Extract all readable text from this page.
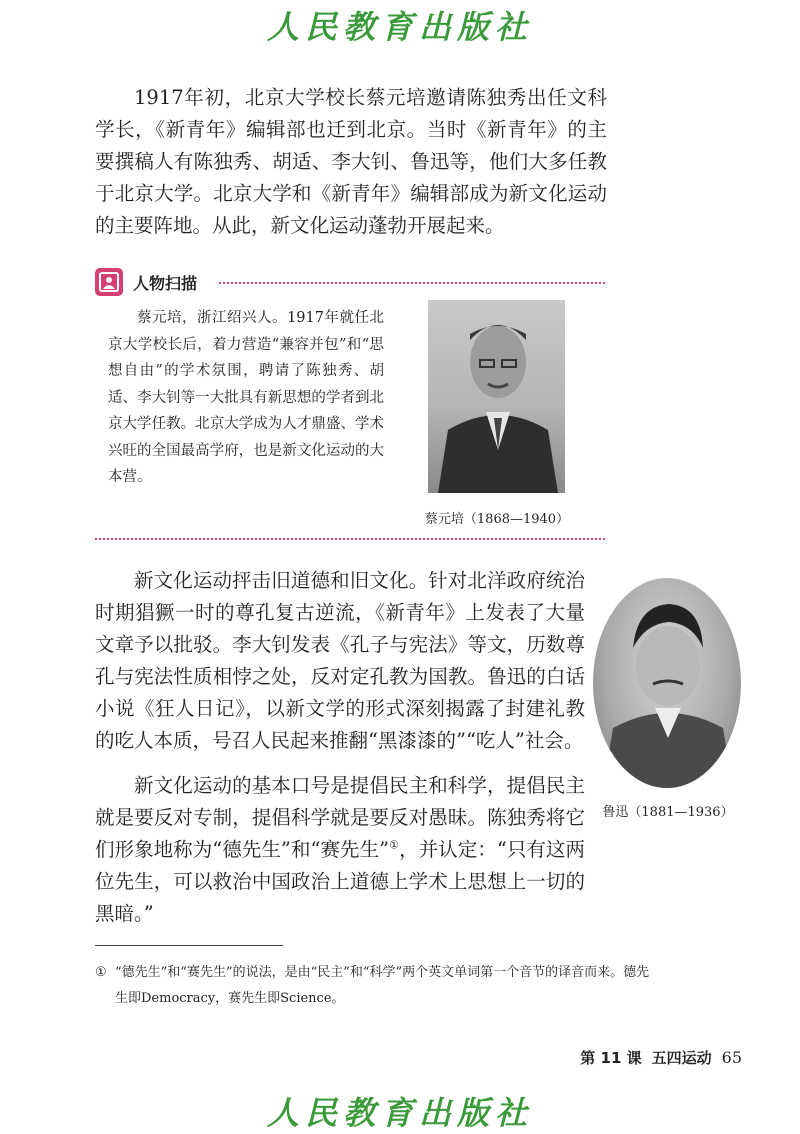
人民教育出版社

1917年初，北京大学校长蔡元培邀请陈独秀出任文科学长，《新青年》编辑部也迁到北京。当时《新青年》的主要撰稿人有陈独秀、胡适、李大钊、鲁迅等，他们大多任教于北京大学。北京大学和《新青年》编辑部成为新文化运动的主要阵地。从此，新文化运动蓬勃开展起来。

人物扫描

蔡元培，浙江绍兴人。1917年就任北京大学校长后，着力营造“兼容并包”和“思想自由”的学术氛围，聘请了陈独秀、胡适、李大钊等一大批具有新思想的学者到北京大学任教。北京大学成为人才鼎盛、学术兴旺的全国最高学府，也是新文化运动的大本营。

蔡元培（1868—1940）

新文化运动抨击旧道德和旧文化。针对北洋政府统治时期猖獗一时的尊孔复古逆流，《新青年》上发表了大量文章予以批驳。李大钊发表《孔子与宪法》等文，历数尊孔与宪法性质相悖之处，反对定孔教为国教。鲁迅的白话小说《狂人日记》，以新文学的形式深刻揭露了封建礼教的吃人本质，号召人民起来推翻“黑漆漆的”“吃人”社会。

鲁迅（1881—1936）

新文化运动的基本口号是提倡民主和科学，提倡民主就是要反对专制，提倡科学就是要反对愚昧。陈独秀将它们形象地称为“德先生”和“赛先生”①，并认定：“只有这两位先生，可以救治中国政治上道德上学术上思想上一切的黑暗。”

① “德先生”和“赛先生”的说法，是由“民主”和“科学”两个英文单词第一个音节的译音而来。德先
生即Democracy，赛先生即Science。

第 11 课 五四运动 65
人民教育出版社
